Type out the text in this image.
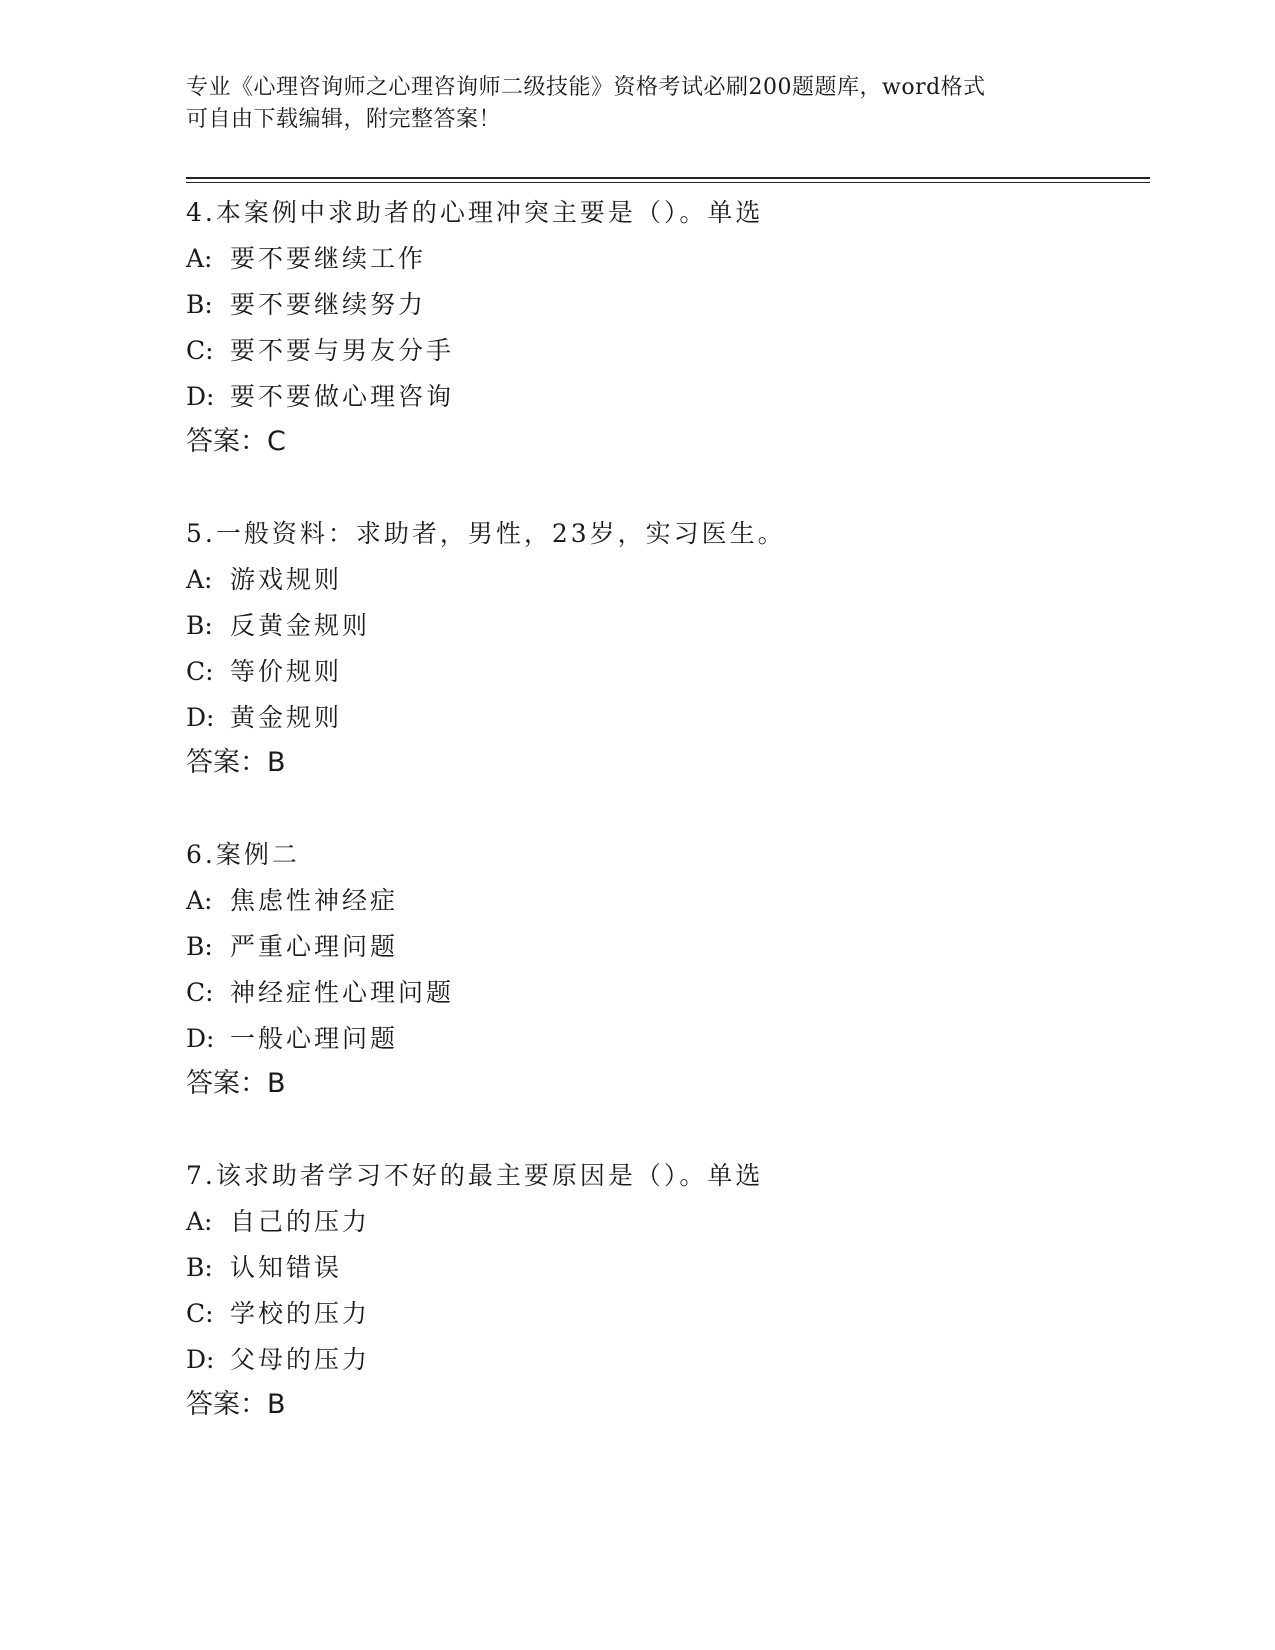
专业《心理咨询师之心理咨询师二级技能》资格考试必刷200题题库，word格式
可自由下载编辑，附完整答案！
4.本案例中求助者的心理冲突主要是（）。单选
A: 要不要继续工作
B: 要不要继续努力
C: 要不要与男友分手
D: 要不要做心理咨询
答案：C
5.一般资料：求助者，男性，23岁，实习医生。
A: 游戏规则
B: 反黄金规则
C: 等价规则
D: 黄金规则
答案：B
6.案例二
A: 焦虑性神经症
B: 严重心理问题
C: 神经症性心理问题
D: 一般心理问题
答案：B
7.该求助者学习不好的最主要原因是（）。单选
A: 自己的压力
B: 认知错误
C: 学校的压力
D: 父母的压力
答案：B
